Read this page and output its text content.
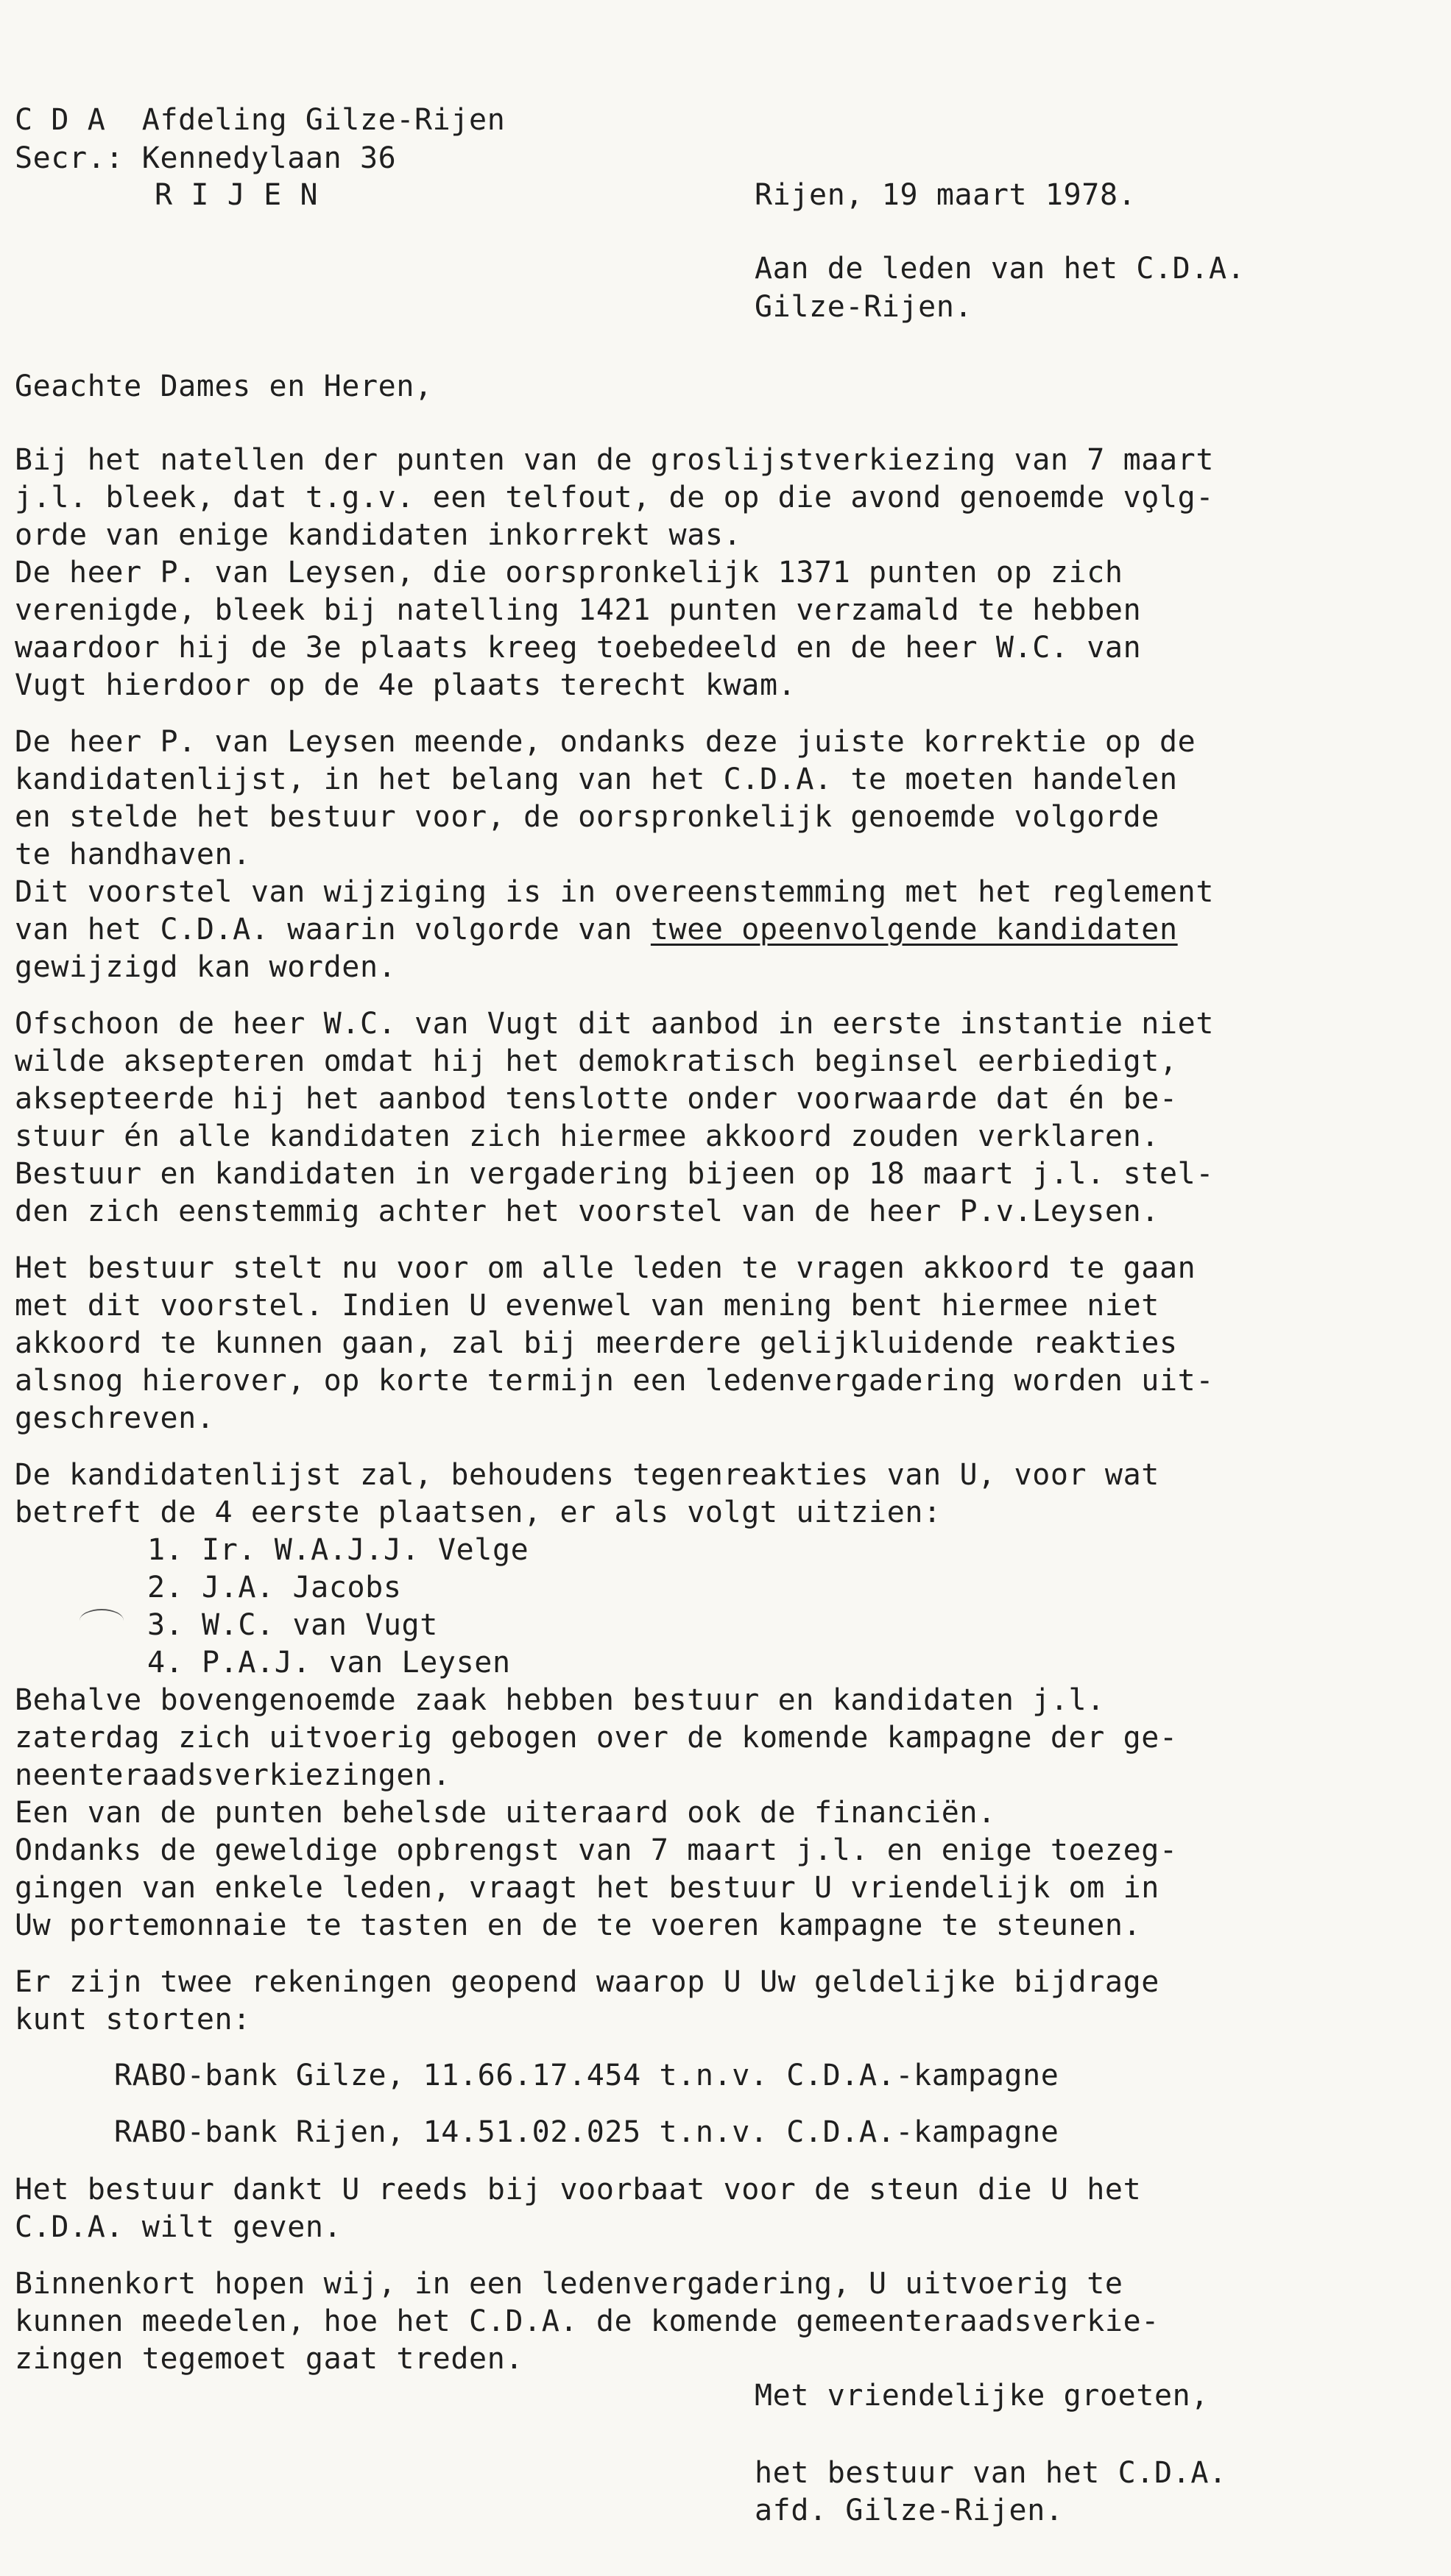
C D A  Afdeling Gilze-Rijen
Secr.: Kennedylaan 36
R I J E N	Rijen, 19 maart 1978.
Aan de leden van het C.D.A.
Gilze-Rijen.
Geachte Dames en Heren,
Bij het natellen der punten van de groslijstverkiezing van 7 maart
j.l. bleek, dat t.g.v. een telfout, de op die avond genoemde vo̧lg-
orde van enige kandidaten inkorrekt was.
De heer P. van Leysen, die oorspronkelijk 1371 punten op zich
verenigde, bleek bij natelling 1421 punten verzamald te hebben
waardoor hij de 3e plaats kreeg toebedeeld en de heer W.C. van
Vugt hierdoor op de 4e plaats terecht kwam.
De heer P. van Leysen meende, ondanks deze juiste korrektie op de
kandidatenlijst, in het belang van het C.D.A. te moeten handelen
en stelde het bestuur voor, de oorspronkelijk genoemde volgorde
te handhaven.
Dit voorstel van wijziging is in overeenstemming met het reglement
van het C.D.A. waarin volgorde van twee opeenvolgende kandidaten
gewijzigd kan worden.
Ofschoon de heer W.C. van Vugt dit aanbod in eerste instantie niet
wilde aksepteren omdat hij het demokratisch beginsel eerbiedigt,
aksepteerde hij het aanbod tenslotte onder voorwaarde dat én be-
stuur én alle kandidaten zich hiermee akkoord zouden verklaren.
Bestuur en kandidaten in vergadering bijeen op 18 maart j.l. stel-
den zich eenstemmig achter het voorstel van de heer P.v.Leysen.
Het bestuur stelt nu voor om alle leden te vragen akkoord te gaan
met dit voorstel. Indien U evenwel van mening bent hiermee niet
akkoord te kunnen gaan, zal bij meerdere gelijkluidende reakties
alsnog hierover, op korte termijn een ledenvergadering worden uit-
geschreven.
De kandidatenlijst zal, behoudens tegenreakties van U, voor wat
betreft de 4 eerste plaatsen, er als volgt uitzien:
1. Ir. W.A.J.J. Velge
2. J.A. Jacobs
3. W.C. van Vugt
4. P.A.J. van Leysen
Behalve bovengenoemde zaak hebben bestuur en kandidaten j.l.
zaterdag zich uitvoerig gebogen over de komende kampagne der ge-
neenteraadsverkiezingen.
Een van de punten behelsde uiteraard ook de financiën.
Ondanks de geweldige opbrengst van 7 maart j.l. en enige toezeg-
gingen van enkele leden, vraagt het bestuur U vriendelijk om in
Uw portemonnaie te tasten en de te voeren kampagne te steunen.
Er zijn twee rekeningen geopend waarop U Uw geldelijke bijdrage
kunt storten:
RABO-bank Gilze, 11.66.17.454 t.n.v. C.D.A.-kampagne
RABO-bank Rijen, 14.51.02.025 t.n.v. C.D.A.-kampagne
Het bestuur dankt U reeds bij voorbaat voor de steun die U het
C.D.A. wilt geven.
Binnenkort hopen wij, in een ledenvergadering, U uitvoerig te
kunnen meedelen, hoe het C.D.A. de komende gemeenteraadsverkie-
zingen tegemoet gaat treden.
Met vriendelijke groeten,
het bestuur van het C.D.A.
afd. Gilze-Rijen.
